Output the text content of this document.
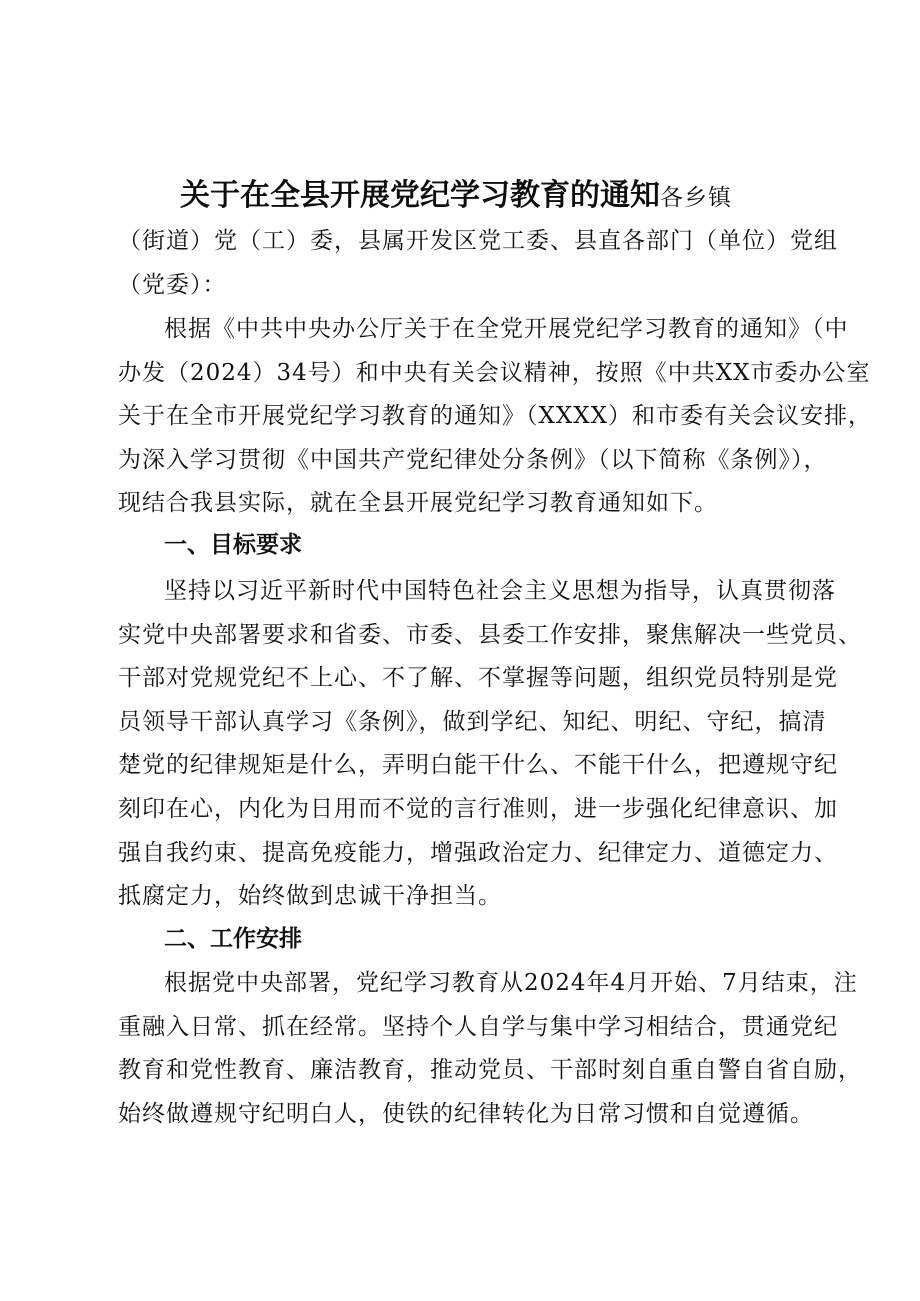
关于在全县开展党纪学习教育的通知各乡镇
（街道）党（工）委，县属开发区党工委、县直各部门（单位）党组
（党委）：
根据《中共中央办公厅关于在全党开展党纪学习教育的通知》（中
办发（2024）34号）和中央有关会议精神，按照《中共XX市委办公室
关于在全市开展党纪学习教育的通知》（XXXX）和市委有关会议安排，
为深入学习贯彻《中国共产党纪律处分条例》（以下简称《条例》），
现结合我县实际，就在全县开展党纪学习教育通知如下。
一、目标要求
坚持以习近平新时代中国特色社会主义思想为指导，认真贯彻落
实党中央部署要求和省委、市委、县委工作安排，聚焦解决一些党员、
干部对党规党纪不上心、不了解、不掌握等问题，组织党员特别是党
员领导干部认真学习《条例》，做到学纪、知纪、明纪、守纪，搞清
楚党的纪律规矩是什么，弄明白能干什么、不能干什么，把遵规守纪
刻印在心，内化为日用而不觉的言行准则，进一步强化纪律意识、加
强自我约束、提高免疫能力，增强政治定力、纪律定力、道德定力、
抵腐定力，始终做到忠诚干净担当。
二、工作安排
根据党中央部署，党纪学习教育从2024年4月开始、7月结束，注
重融入日常、抓在经常。坚持个人自学与集中学习相结合，贯通党纪
教育和党性教育、廉洁教育，推动党员、干部时刻自重自警自省自励，
始终做遵规守纪明白人，使铁的纪律转化为日常习惯和自觉遵循。
